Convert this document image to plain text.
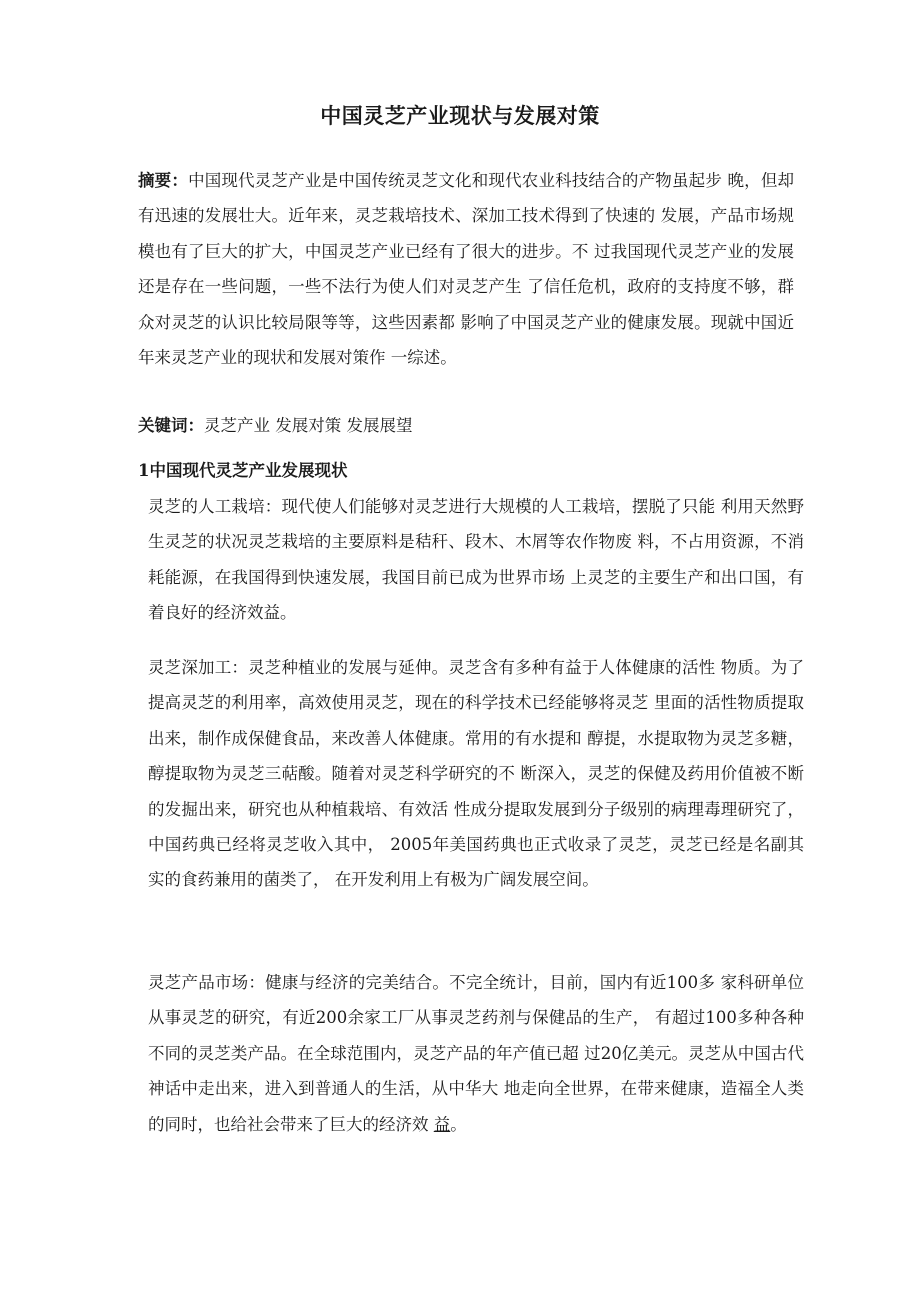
中国灵芝产业现状与发展对策
摘要：中国现代灵芝产业是中国传统灵芝文化和现代农业科技结合的产物虽起步 晚，但却有迅速的发展壮大。近年来，灵芝栽培技术、深加工技术得到了快速的 发展，产品市场规模也有了巨大的扩大，中国灵芝产业已经有了很大的进步。不 过我国现代灵芝产业的发展还是存在一些问题，一些不法行为使人们对灵芝产生 了信任危机，政府的支持度不够，群众对灵芝的认识比较局限等等，这些因素都 影响了中国灵芝产业的健康发展。现就中国近年来灵芝产业的现状和发展对策作 一综述。
关键词：灵芝产业 发展对策 发展展望
1中国现代灵芝产业发展现状
灵芝的人工栽培：现代使人们能够对灵芝进行大规模的人工栽培，摆脱了只能 利用天然野生灵芝的状况灵芝栽培的主要原料是秸秆、段木、木屑等农作物废 料，不占用资源，不消耗能源，在我国得到快速发展，我国目前已成为世界市场 上灵芝的主要生产和出口国，有着良好的经济效益。
灵芝深加工：灵芝种植业的发展与延伸。灵芝含有多种有益于人体健康的活性 物质。为了提高灵芝的利用率，高效使用灵芝，现在的科学技术已经能够将灵芝 里面的活性物质提取出来，制作成保健食品，来改善人体健康。常用的有水提和 醇提，水提取物为灵芝多糖，醇提取物为灵芝三萜酸。随着对灵芝科学研究的不 断深入，灵芝的保健及药用价值被不断的发掘出来，研究也从种植栽培、有效活 性成分提取发展到分子级别的病理毒理研究了，中国药典已经将灵芝收入其中， 2005年美国药典也正式收录了灵芝，灵芝已经是名副其实的食药兼用的菌类了， 在开发利用上有极为广阔发展空间。
灵芝产品市场：健康与经济的完美结合。不完全统计，目前，国内有近100多 家科研单位从事灵芝的研究，有近200余家工厂从事灵芝药剂与保健品的生产， 有超过100多种各种不同的灵芝类产品。在全球范围内，灵芝产品的年产值已超 过20亿美元。灵芝从中国古代神话中走出来，进入到普通人的生活，从中华大 地走向全世界，在带来健康，造福全人类的同时，也给社会带来了巨大的经济效 益。
